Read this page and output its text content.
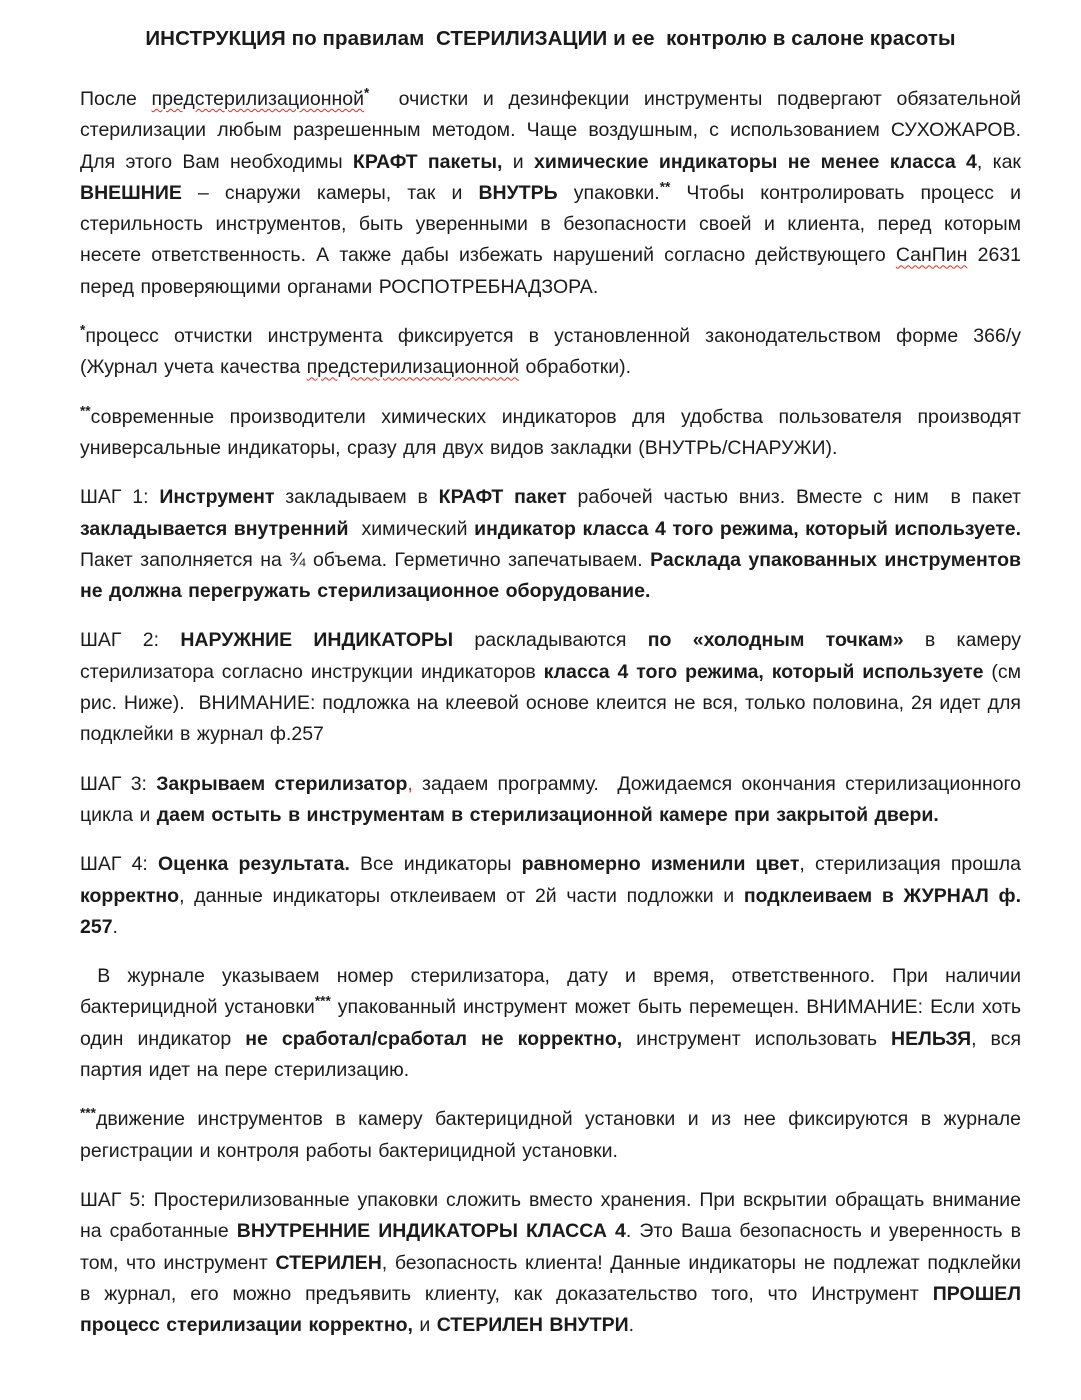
ИНСТРУКЦИЯ по правилам  СТЕРИЛИЗАЦИИ и ее  контролю в салоне красоты

После предстерилизационной*  очистки и дезинфекции инструменты подвергают обязательной стерилизации любым разрешенным методом. Чаще воздушным, с использованием СУХОЖАРОВ. Для этого Вам необходимы КРАФТ пакеты, и химические индикаторы не менее класса 4, как ВНЕШНИЕ – снаружи камеры, так и ВНУТРЬ упаковки.** Чтобы контролировать процесс и стерильность инструментов, быть уверенными в безопасности своей и клиента, перед которым несете ответственность. А также дабы избежать нарушений согласно действующего СанПин 2631 перед проверяющими органами РОСПОТРЕБНАДЗОРА.

*процесс отчистки инструмента фиксируется в установленной законодательством форме 366/у (Журнал учета качества предстерилизационной обработки).

**современные производители химических индикаторов для удобства пользователя производят универсальные индикаторы, сразу для двух видов закладки (ВНУТРЬ/СНАРУЖИ).

ШАГ 1: Инструмент закладываем в КРАФТ пакет рабочей частью вниз. Вместе с ним  в пакет закладывается внутренний  химический индикатор класса 4 того режима, который используете. Пакет заполняется на ¾ объема. Герметично запечатываем. Расклада упакованных инструментов не должна перегружать стерилизационное оборудование.

ШАГ 2: НАРУЖНИЕ ИНДИКАТОРЫ раскладываются по «холодным точкам» в камеру стерилизатора согласно инструкции индикаторов класса 4 того режима, который используете (см рис. Ниже).  ВНИМАНИЕ: подложка на клеевой основе клеится не вся, только половина, 2я идет для подклейки в журнал ф.257

ШАГ 3: Закрываем стерилизатор, задаем программу.  Дожидаемся окончания стерилизационного цикла и даем остыть в инструментам в стерилизационной камере при закрытой двери.

ШАГ 4: Оценка результата. Все индикаторы равномерно изменили цвет, стерилизация прошла корректно, данные индикаторы отклеиваем от 2й части подложки и подклеиваем в ЖУРНАЛ ф. 257.

В журнале указываем номер стерилизатора, дату и время, ответственного. При наличии бактерицидной установки*** упакованный инструмент может быть перемещен. ВНИМАНИЕ: Если хоть один индикатор не сработал/сработал не корректно, инструмент использовать НЕЛЬЗЯ, вся партия идет на пере стерилизацию.

***движение инструментов в камеру бактерицидной установки и из нее фиксируются в журнале регистрации и контроля работы бактерицидной установки.

ШАГ 5: Простерилизованные упаковки сложить вместо хранения. При вскрытии обращать внимание на сработанные ВНУТРЕННИЕ ИНДИКАТОРЫ КЛАССА 4. Это Ваша безопасность и уверенность в том, что инструмент СТЕРИЛЕН, безопасность клиента! Данные индикаторы не подлежат подклейки в журнал, его можно предъявить клиенту, как доказательство того, что Инструмент ПРОШЕЛ процесс стерилизации корректно, и СТЕРИЛЕН ВНУТРИ.
